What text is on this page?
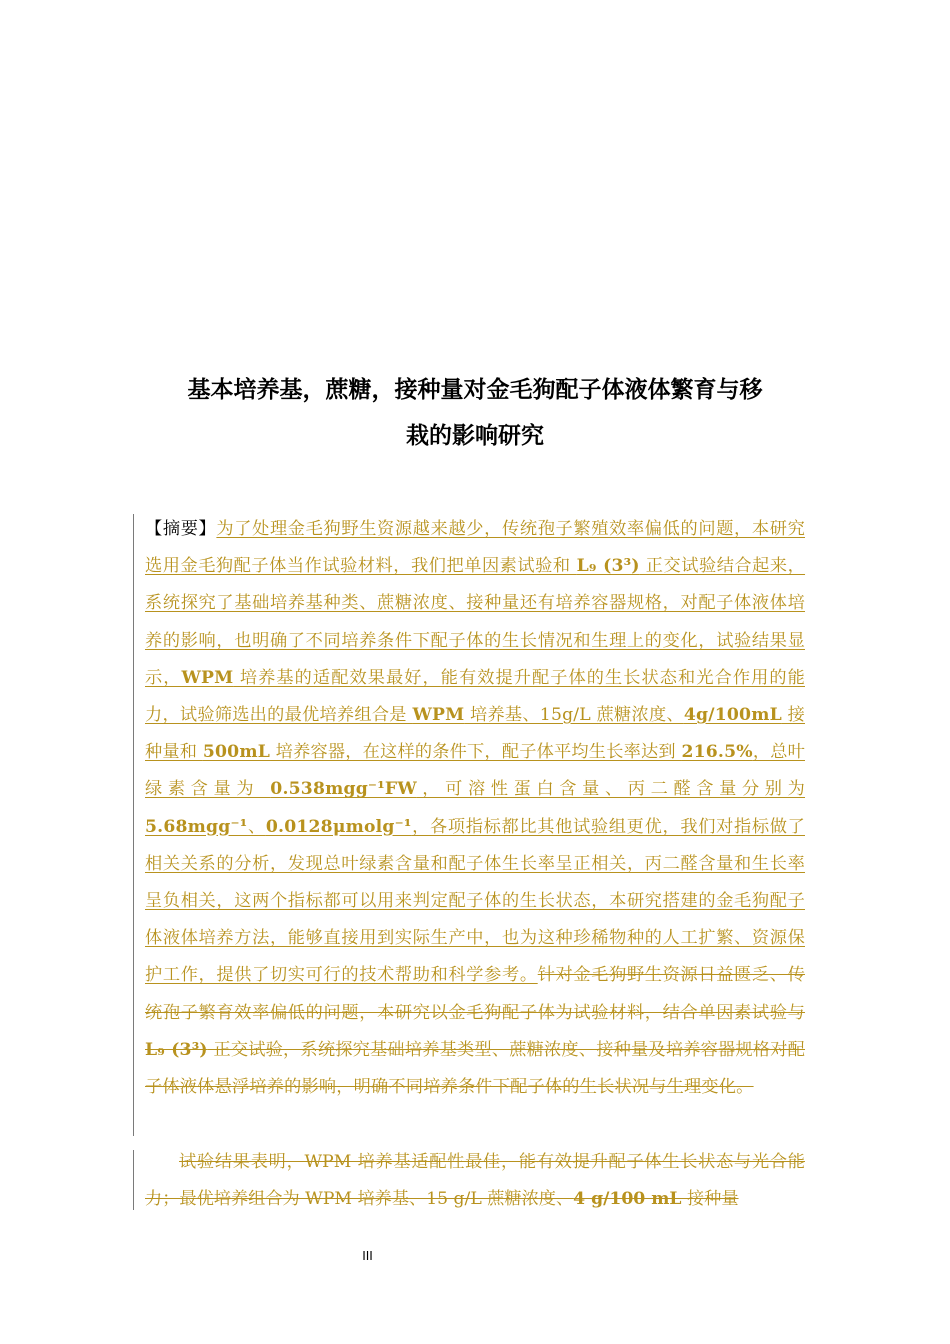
基本培养基，蔗糖，接种量对金毛狗配子体液体繁育与移
栽的影响研究

【摘要】为了处理金毛狗野生资源越来越少，传统孢子繁殖效率偏低的问题，本研究选用金毛狗配子体当作试验材料，我们把单因素试验和 L₉ (3³) 正交试验结合起来，系统探究了基础培养基种类、蔗糖浓度、接种量还有培养容器规格，对配子体液体培养的影响，也明确了不同培养条件下配子体的生长情况和生理上的变化，试验结果显示，WPM 培养基的适配效果最好，能有效提升配子体的生长状态和光合作用的能力，试验筛选出的最优培养组合是 WPM 培养基、15g/L 蔗糖浓度、4g/100mL 接种量和 500mL 培养容器，在这样的条件下，配子体平均生长率达到 216.5%，总叶绿素含量为 0.538mgg⁻¹FW，可溶性蛋白含量、丙二醛含量分别为 5.68mgg⁻¹、0.0128μmolg⁻¹，各项指标都比其他试验组更优，我们对指标做了相关关系的分析，发现总叶绿素含量和配子体生长率呈正相关，丙二醛含量和生长率呈负相关，这两个指标都可以用来判定配子体的生长状态，本研究搭建的金毛狗配子体液体培养方法，能够直接用到实际生产中，也为这种珍稀物种的人工扩繁、资源保护工作，提供了切实可行的技术帮助和科学参考。针对金毛狗野生资源日益匮乏、传统孢子繁育效率偏低的问题，本研究以金毛狗配子体为试验材料，结合单因素试验与 L₉ (3³) 正交试验，系统探究基础培养基类型、蔗糖浓度、接种量及培养容器规格对配子体液体悬浮培养的影响，明确不同培养条件下配子体的生长状况与生理变化。

试验结果表明，WPM 培养基适配性最佳，能有效提升配子体生长状态与光合能力；最优培养组合为 WPM 培养基、15 g/L 蔗糖浓度、4 g/100 mL 接种量

III
